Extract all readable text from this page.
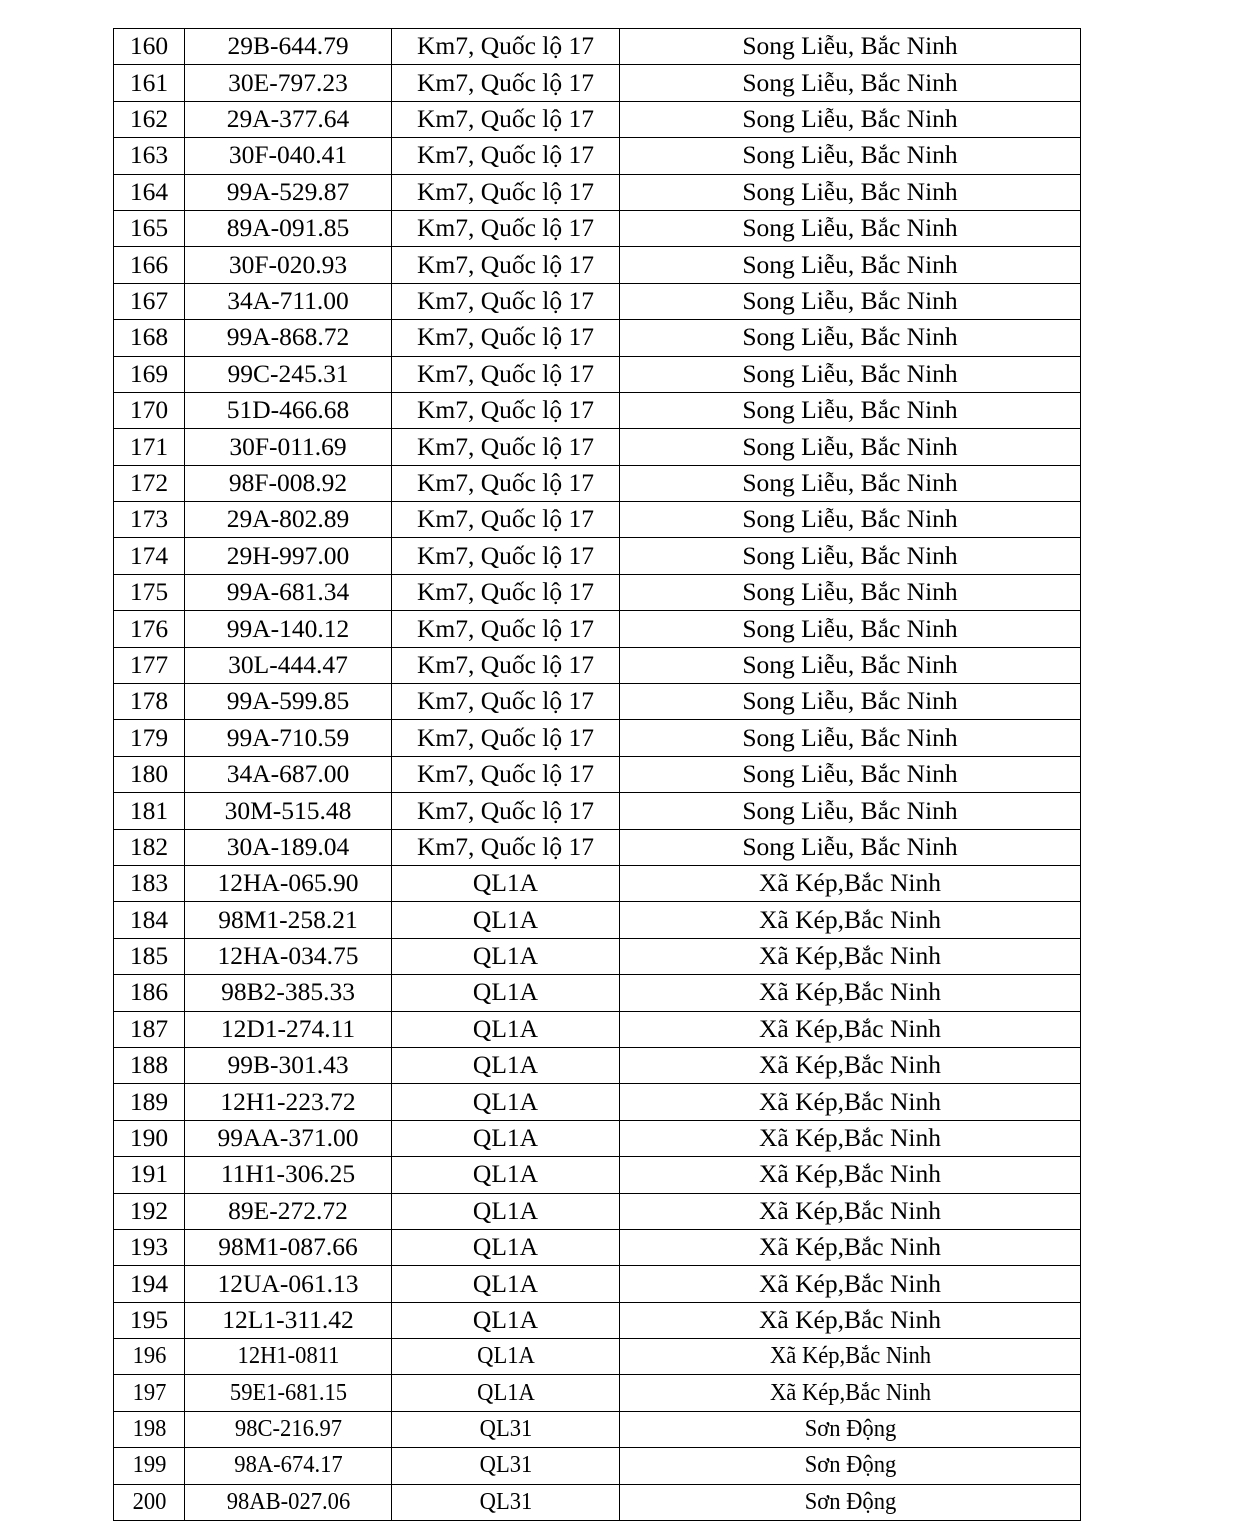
160	29B-644.79	Km7, Quốc lộ 17	Song Liễu, Bắc Ninh
161	30E-797.23	Km7, Quốc lộ 17	Song Liễu, Bắc Ninh
162	29A-377.64	Km7, Quốc lộ 17	Song Liễu, Bắc Ninh
163	30F-040.41	Km7, Quốc lộ 17	Song Liễu, Bắc Ninh
164	99A-529.87	Km7, Quốc lộ 17	Song Liễu, Bắc Ninh
165	89A-091.85	Km7, Quốc lộ 17	Song Liễu, Bắc Ninh
166	30F-020.93	Km7, Quốc lộ 17	Song Liễu, Bắc Ninh
167	34A-711.00	Km7, Quốc lộ 17	Song Liễu, Bắc Ninh
168	99A-868.72	Km7, Quốc lộ 17	Song Liễu, Bắc Ninh
169	99C-245.31	Km7, Quốc lộ 17	Song Liễu, Bắc Ninh
170	51D-466.68	Km7, Quốc lộ 17	Song Liễu, Bắc Ninh
171	30F-011.69	Km7, Quốc lộ 17	Song Liễu, Bắc Ninh
172	98F-008.92	Km7, Quốc lộ 17	Song Liễu, Bắc Ninh
173	29A-802.89	Km7, Quốc lộ 17	Song Liễu, Bắc Ninh
174	29H-997.00	Km7, Quốc lộ 17	Song Liễu, Bắc Ninh
175	99A-681.34	Km7, Quốc lộ 17	Song Liễu, Bắc Ninh
176	99A-140.12	Km7, Quốc lộ 17	Song Liễu, Bắc Ninh
177	30L-444.47	Km7, Quốc lộ 17	Song Liễu, Bắc Ninh
178	99A-599.85	Km7, Quốc lộ 17	Song Liễu, Bắc Ninh
179	99A-710.59	Km7, Quốc lộ 17	Song Liễu, Bắc Ninh
180	34A-687.00	Km7, Quốc lộ 17	Song Liễu, Bắc Ninh
181	30M-515.48	Km7, Quốc lộ 17	Song Liễu, Bắc Ninh
182	30A-189.04	Km7, Quốc lộ 17	Song Liễu, Bắc Ninh
183	12HA-065.90	QL1A	Xã Kép,Bắc Ninh
184	98M1-258.21	QL1A	Xã Kép,Bắc Ninh
185	12HA-034.75	QL1A	Xã Kép,Bắc Ninh
186	98B2-385.33	QL1A	Xã Kép,Bắc Ninh
187	12D1-274.11	QL1A	Xã Kép,Bắc Ninh
188	99B-301.43	QL1A	Xã Kép,Bắc Ninh
189	12H1-223.72	QL1A	Xã Kép,Bắc Ninh
190	99AA-371.00	QL1A	Xã Kép,Bắc Ninh
191	11H1-306.25	QL1A	Xã Kép,Bắc Ninh
192	89E-272.72	QL1A	Xã Kép,Bắc Ninh
193	98M1-087.66	QL1A	Xã Kép,Bắc Ninh
194	12UA-061.13	QL1A	Xã Kép,Bắc Ninh
195	12L1-311.42	QL1A	Xã Kép,Bắc Ninh
196	12H1-0811	QL1A	Xã Kép,Bắc Ninh
197	59E1-681.15	QL1A	Xã Kép,Bắc Ninh
198	98C-216.97	QL31	Sơn Động
199	98A-674.17	QL31	Sơn Động
200	98AB-027.06	QL31	Sơn Động
